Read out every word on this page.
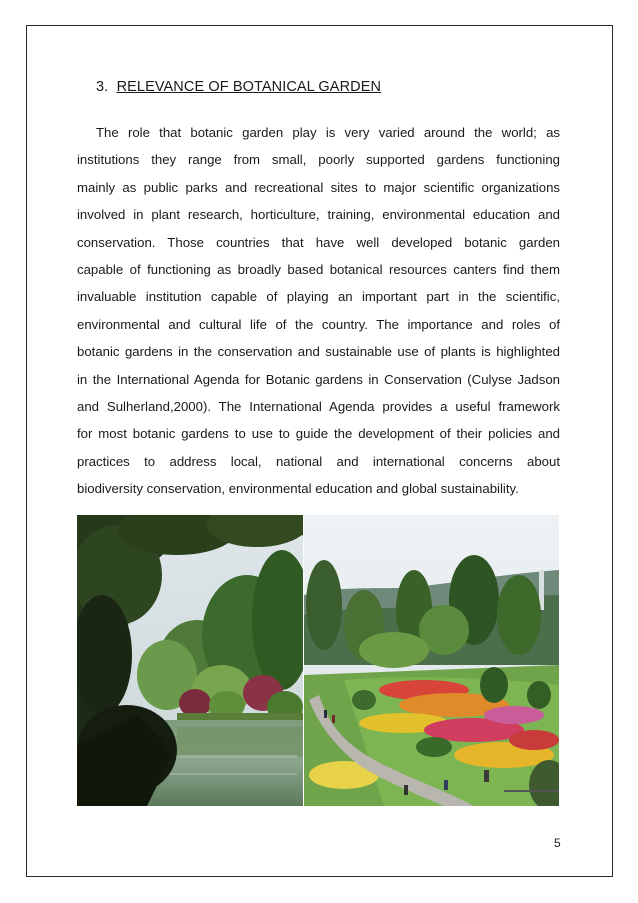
3. RELEVANCE OF BOTANICAL GARDEN
The role that botanic garden play is very varied around the world; as
institutions they range from small, poorly supported gardens functioning
mainly as public parks and recreational sites to major scientific organizations
involved in plant research, horticulture, training, environmental education and
conservation. Those countries that have well developed botanic garden
capable of functioning as broadly based botanical resources canters find them
invaluable institution capable of playing an important part in the scientific,
environmental and cultural life of the country. The importance and roles of
botanic gardens in the conservation and sustainable use of plants is highlighted
in the International Agenda for Botanic gardens in Conservation (Culyse Jadson
and Sulherland,2000). The International Agenda provides a useful framework
for most botanic gardens to use to guide the development of their policies and
practices to address local, national and international concerns about
biodiversity conservation, environmental education and global sustainability.
5
